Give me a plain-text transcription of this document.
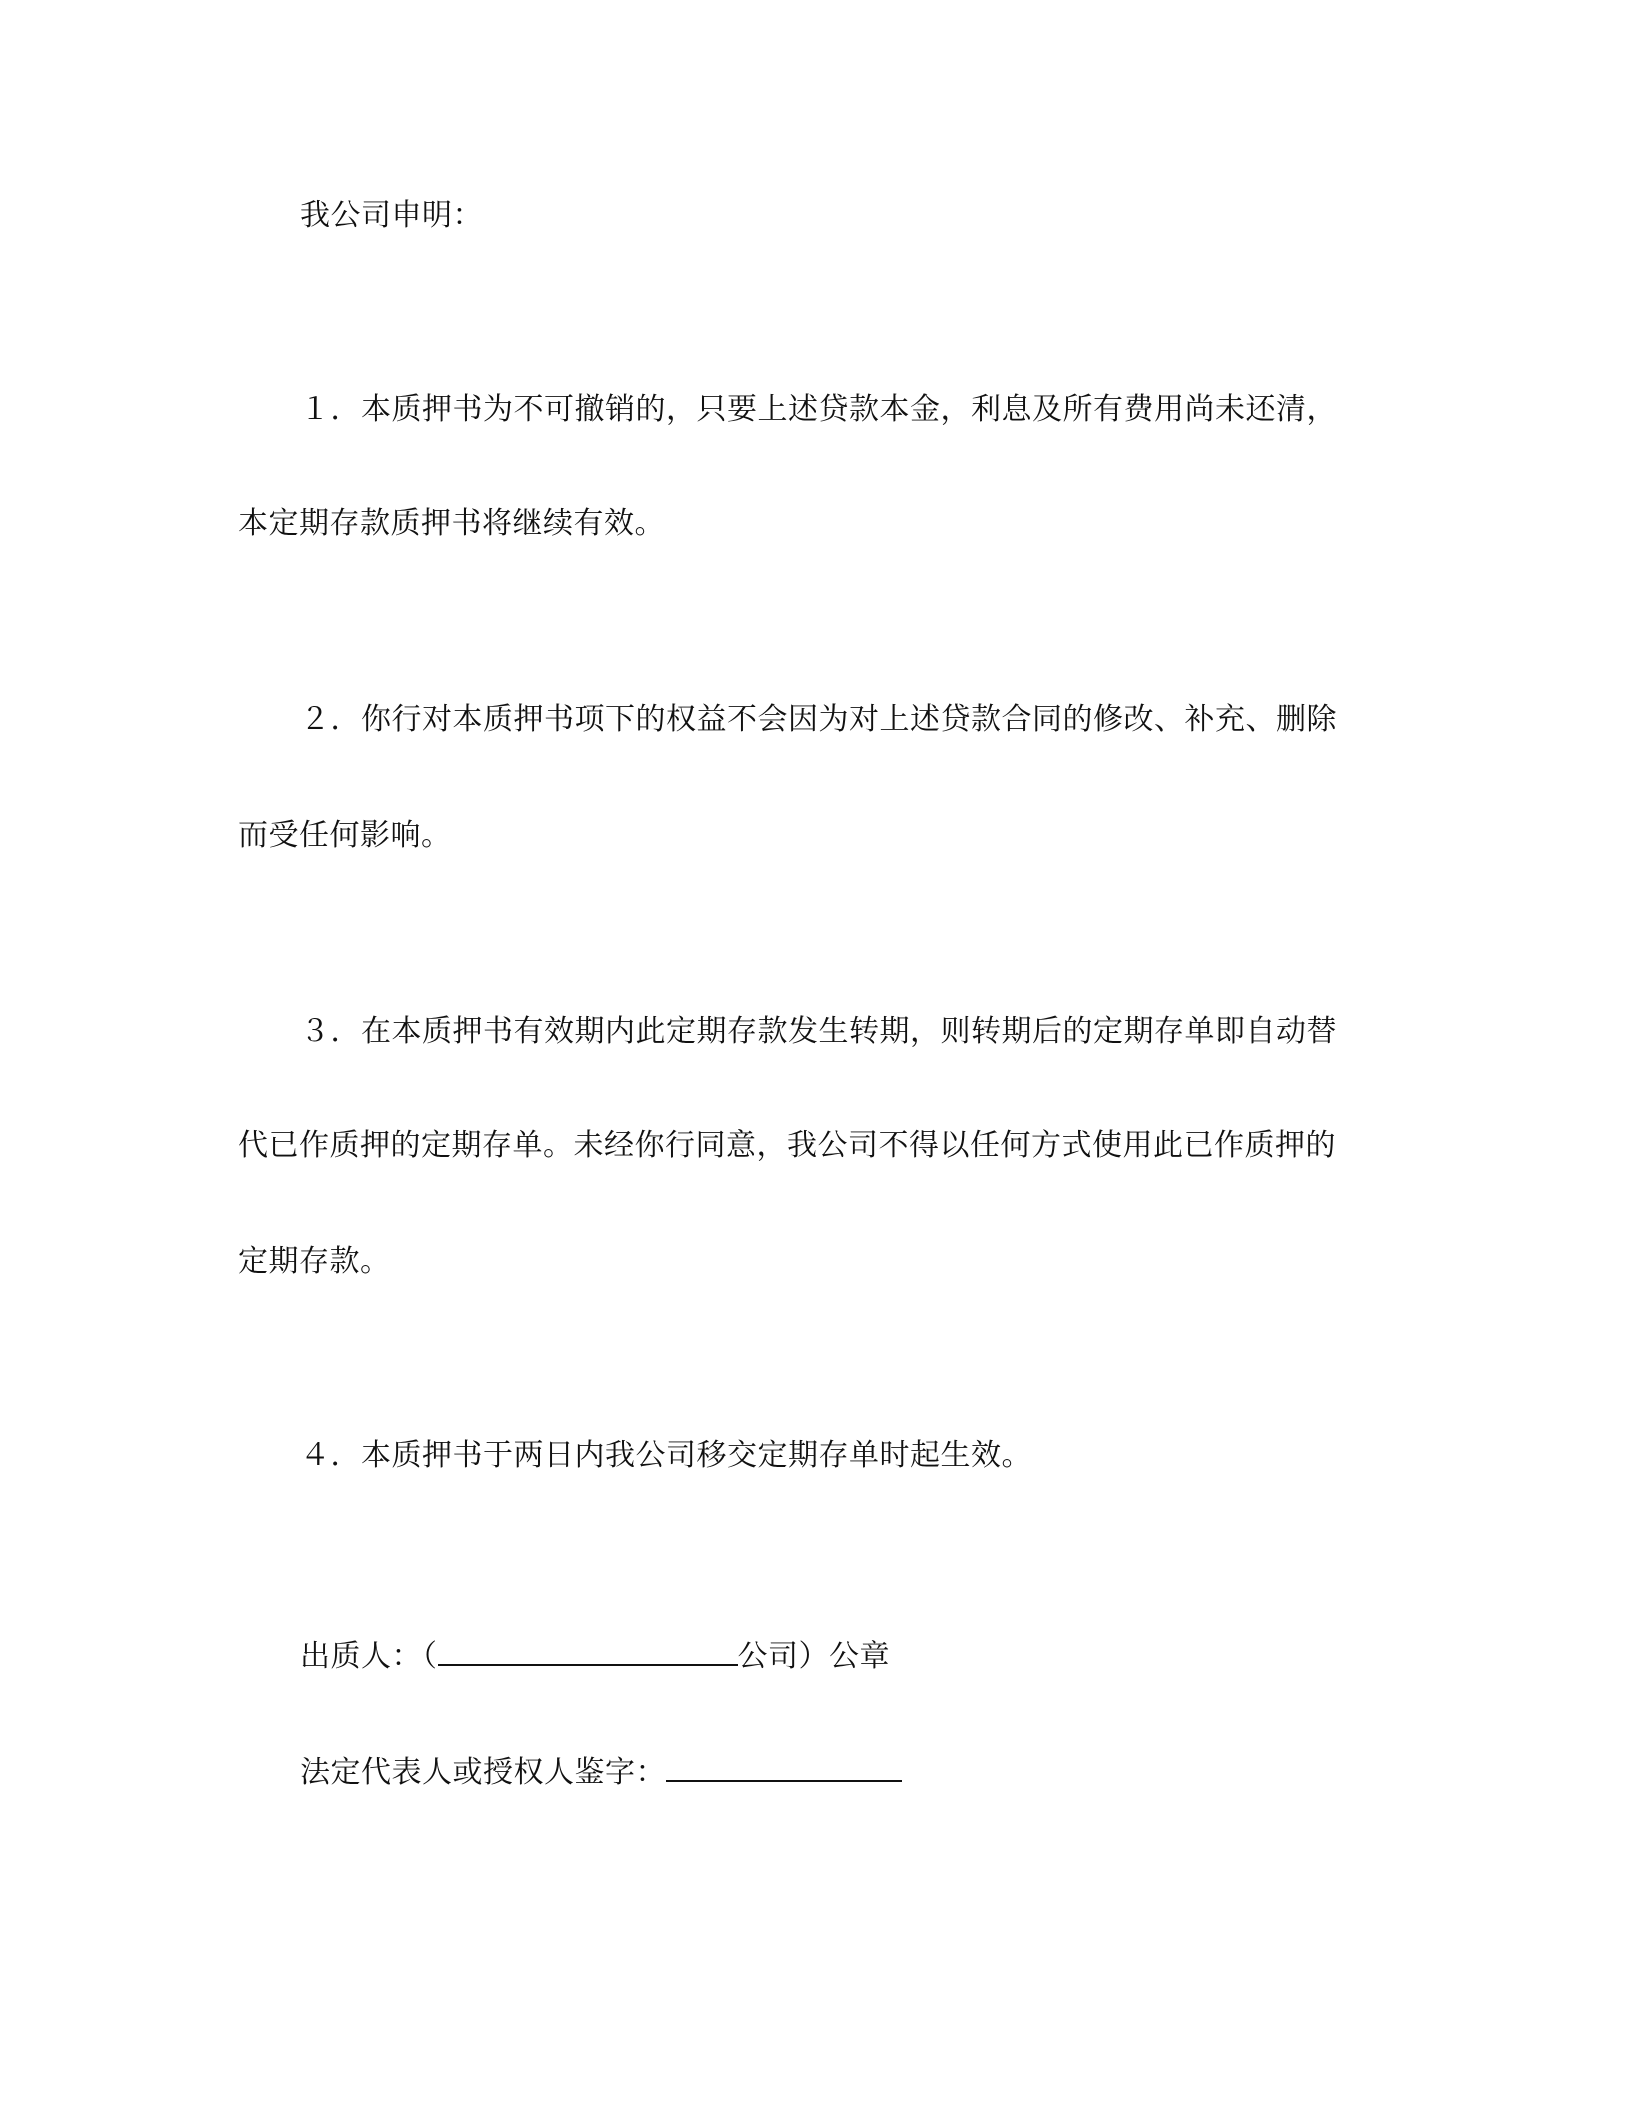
我公司申明：
１．本质押书为不可撤销的，只要上述贷款本金，利息及所有费用尚未还清，
本定期存款质押书将继续有效。
２．你行对本质押书项下的权益不会因为对上述贷款合同的修改、补充、删除
而受任何影响。
３．在本质押书有效期内此定期存款发生转期，则转期后的定期存单即自动替
代已作质押的定期存单。未经你行同意，我公司不得以任何方式使用此已作质押的
定期存款。
４．本质押书于两日内我公司移交定期存单时起生效。
出质人：（	公司）公章
法定代表人或授权人鉴字：
